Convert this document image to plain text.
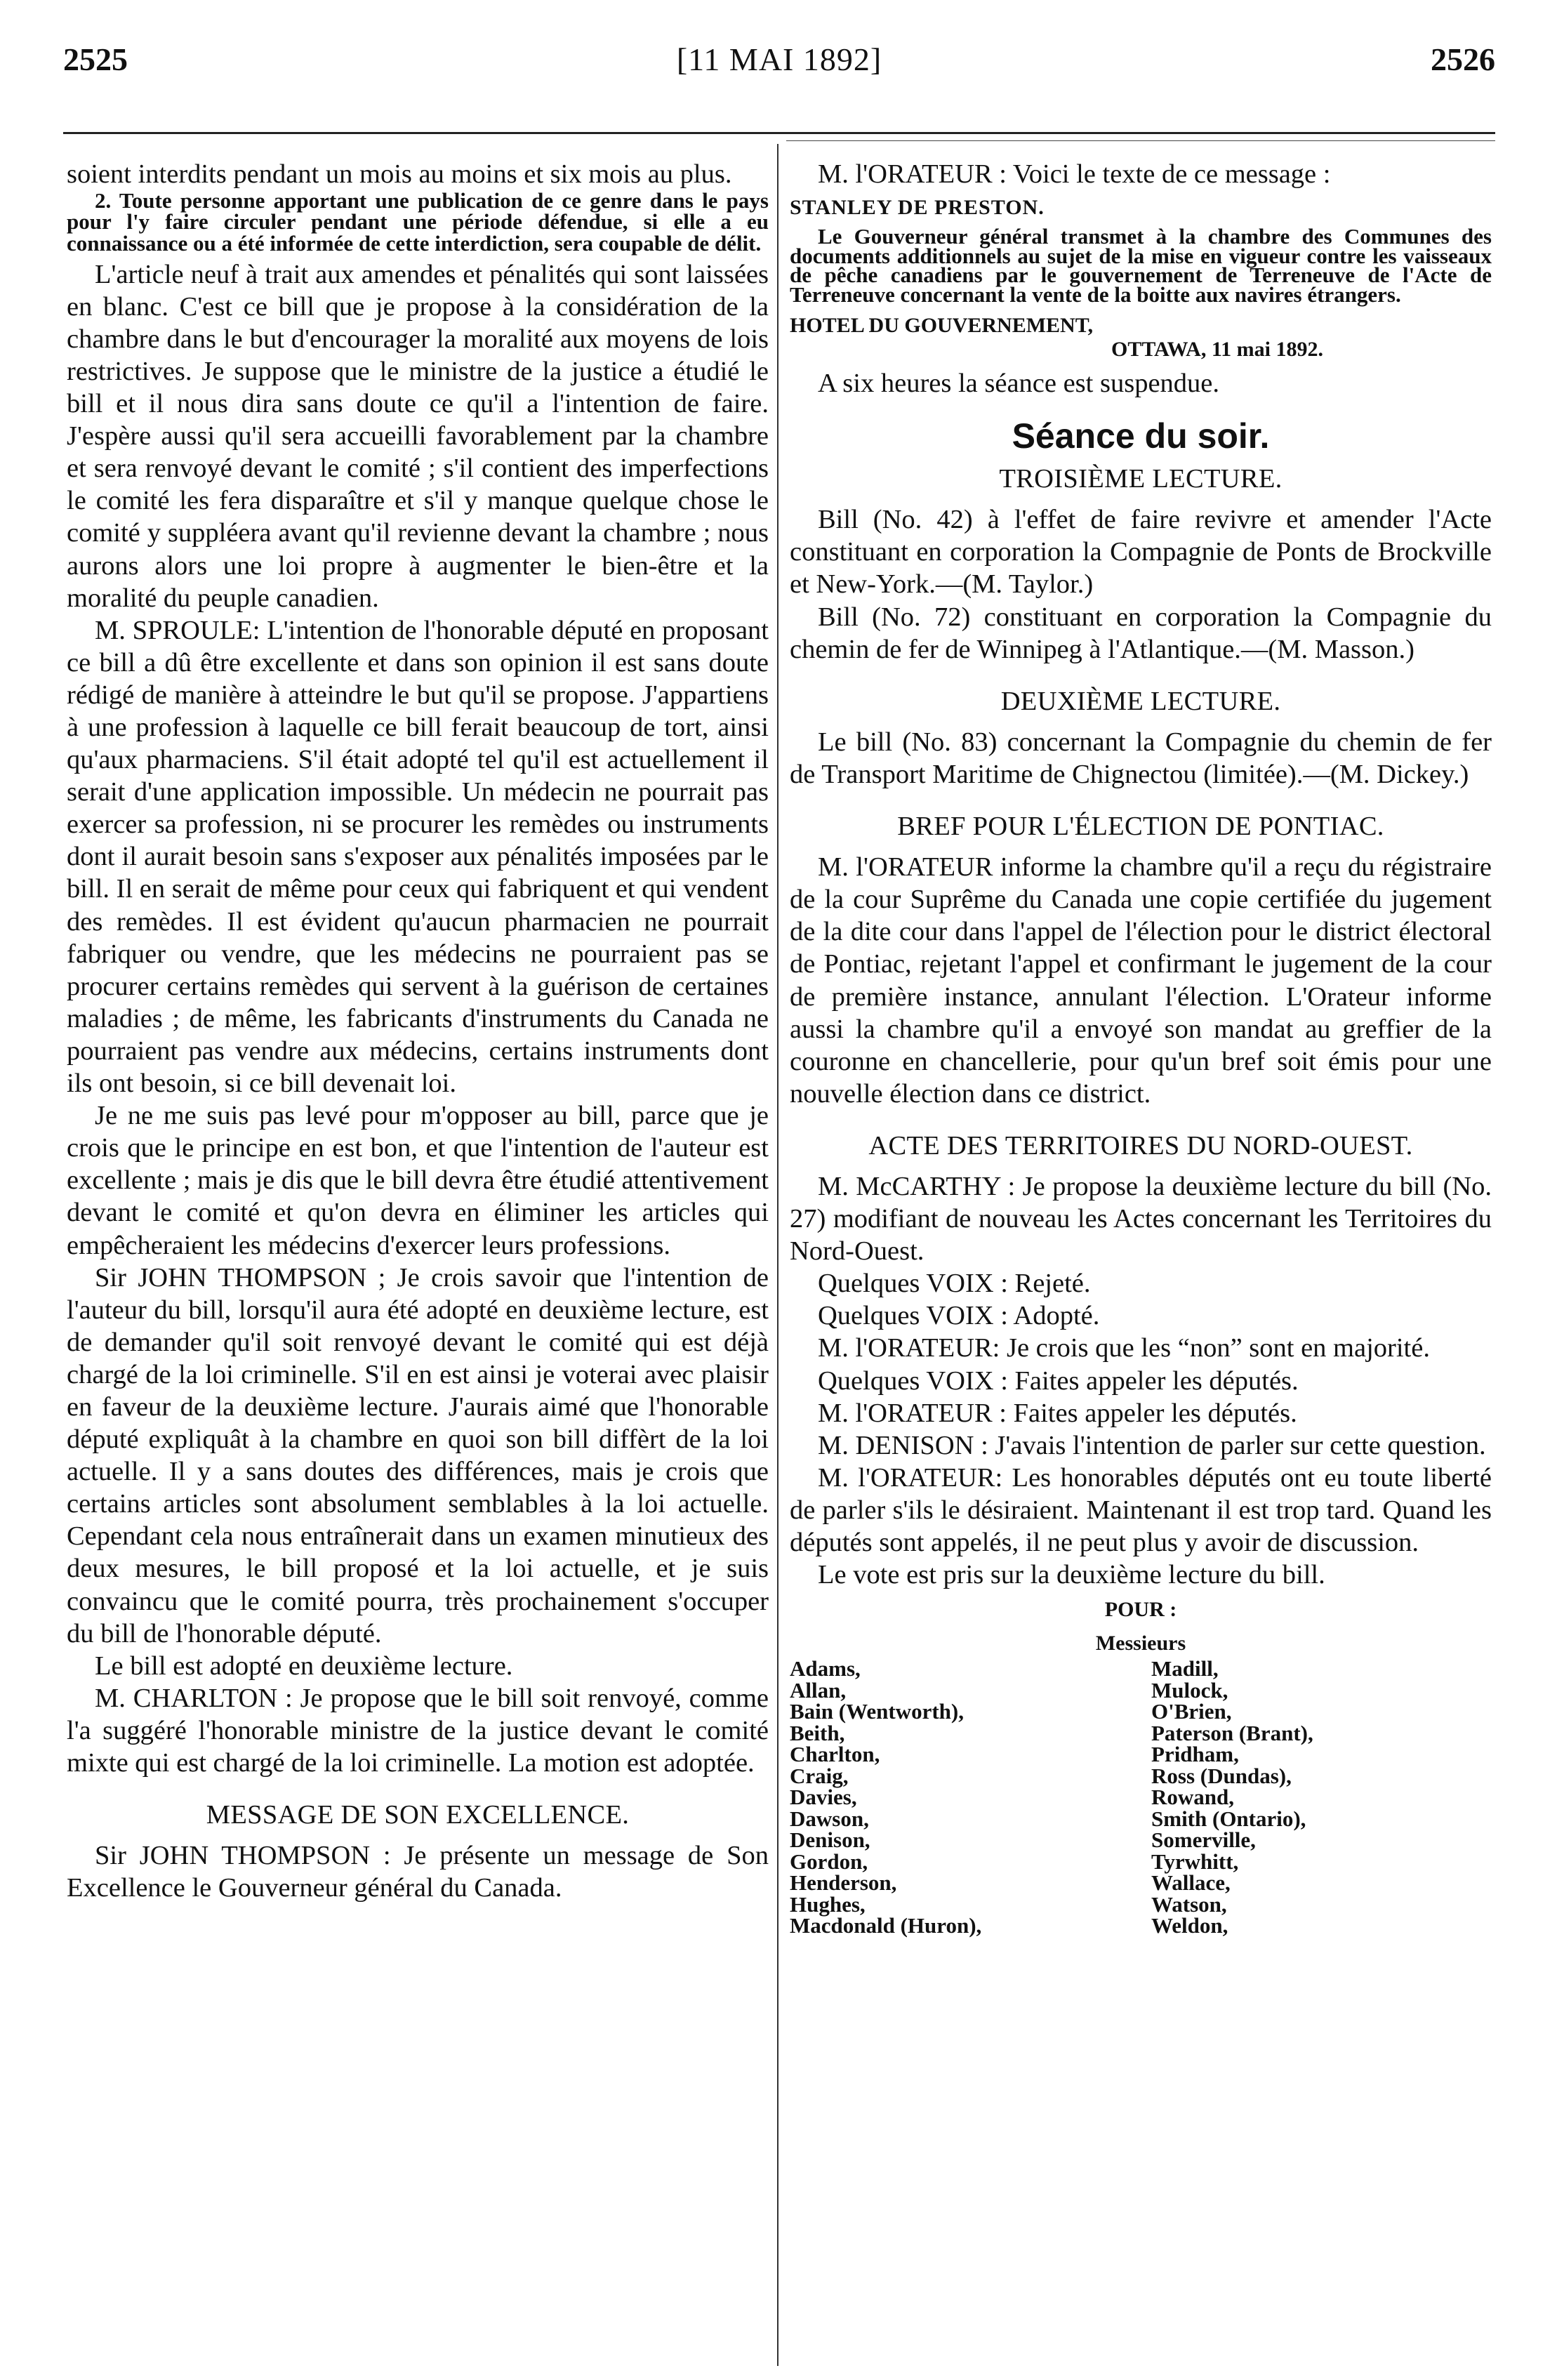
2525	[11 MAI 1892]	2526

soient interdits pendant un mois au moins et six mois au plus.

2. Toute personne apportant une publication de ce genre dans le pays pour l'y faire circuler pendant une période défendue, si elle a eu connaissance ou a été informée de cette interdiction, sera coupable de délit.

L'article neuf à trait aux amendes et pénalités qui sont laissées en blanc. C'est ce bill que je propose à la considération de la chambre dans le but d'encourager la moralité aux moyens de lois restrictives. Je suppose que le ministre de la justice a étudié le bill et il nous dira sans doute ce qu'il a l'intention de faire. J'espère aussi qu'il sera accueilli favorablement par la chambre et sera renvoyé devant le comité ; s'il contient des imperfections le comité les fera disparaître et s'il y manque quelque chose le comité y suppléera avant qu'il revienne devant la chambre ; nous aurons alors une loi propre à augmenter le bien-être et la moralité du peuple canadien.

M. SPROULE: L'intention de l'honorable député en proposant ce bill a dû être excellente et dans son opinion il est sans doute rédigé de manière à atteindre le but qu'il se propose. J'appartiens à une profession à laquelle ce bill ferait beaucoup de tort, ainsi qu'aux pharmaciens. S'il était adopté tel qu'il est actuellement il serait d'une application impossible. Un médecin ne pourrait pas exercer sa profession, ni se procurer les remèdes ou instruments dont il aurait besoin sans s'exposer aux pénalités imposées par le bill. Il en serait de même pour ceux qui fabriquent et qui vendent des remèdes. Il est évident qu'aucun pharmacien ne pourrait fabriquer ou vendre, que les médecins ne pourraient pas se procurer certains remèdes qui servent à la guérison de certaines maladies ; de même, les fabricants d'instruments du Canada ne pourraient pas vendre aux médecins, certains instruments dont ils ont besoin, si ce bill devenait loi.

Je ne me suis pas levé pour m'opposer au bill, parce que je crois que le principe en est bon, et que l'intention de l'auteur est excellente ; mais je dis que le bill devra être étudié attentivement devant le comité et qu'on devra en éliminer les articles qui empêcheraient les médecins d'exercer leurs professions.

Sir JOHN THOMPSON ; Je crois savoir que l'intention de l'auteur du bill, lorsqu'il aura été adopté en deuxième lecture, est de demander qu'il soit renvoyé devant le comité qui est déjà chargé de la loi criminelle. S'il en est ainsi je voterai avec plaisir en faveur de la deuxième lecture. J'aurais aimé que l'honorable député expliquât à la chambre en quoi son bill diffèrt de la loi actuelle. Il y a sans doutes des différences, mais je crois que certains articles sont absolument semblables à la loi actuelle. Cependant cela nous entraînerait dans un examen minutieux des deux mesures, le bill proposé et la loi actuelle, et je suis convaincu que le comité pourra, très prochainement s'occuper du bill de l'honorable député.

Le bill est adopté en deuxième lecture.

M. CHARLTON : Je propose que le bill soit renvoyé, comme l'a suggéré l'honorable ministre de la justice devant le comité mixte qui est chargé de la loi criminelle. La motion est adoptée.

MESSAGE DE SON EXCELLENCE.

Sir JOHN THOMPSON : Je présente un message de Son Excellence le Gouverneur général du Canada.

M. l'ORATEUR : Voici le texte de ce message :

STANLEY DE PRESTON.

Le Gouverneur général transmet à la chambre des Communes des documents additionnels au sujet de la mise en vigueur contre les vaisseaux de pêche canadiens par le gouvernement de Terreneuve de l'Acte de Terreneuve concernant la vente de la boitte aux navires étrangers.

HOTEL DU GOUVERNEMENT,
OTTAWA, 11 mai 1892.

A six heures la séance est suspendue.

Séance du soir.
TROISIÈME LECTURE.

Bill (No. 42) à l'effet de faire revivre et amender l'Acte constituant en corporation la Compagnie de Ponts de Brockville et New-York.—(M. Taylor.)

Bill (No. 72) constituant en corporation la Compagnie du chemin de fer de Winnipeg à l'Atlantique.—(M. Masson.)

DEUXIÈME LECTURE.

Le bill (No. 83) concernant la Compagnie du chemin de fer de Transport Maritime de Chignectou (limitée).—(M. Dickey.)

BREF POUR L'ÉLECTION DE PONTIAC.

M. l'ORATEUR informe la chambre qu'il a reçu du régistraire de la cour Suprême du Canada une copie certifiée du jugement de la dite cour dans l'appel de l'élection pour le district électoral de Pontiac, rejetant l'appel et confirmant le jugement de la cour de première instance, annulant l'élection. L'Orateur informe aussi la chambre qu'il a envoyé son mandat au greffier de la couronne en chancellerie, pour qu'un bref soit émis pour une nouvelle élection dans ce district.

ACTE DES TERRITOIRES DU NORD-OUEST.

M. McCARTHY : Je propose la deuxième lecture du bill (No. 27) modifiant de nouveau les Actes concernant les Territoires du Nord-Ouest.

Quelques VOIX : Rejeté.

Quelques VOIX : Adopté.

M. l'ORATEUR: Je crois que les “non” sont en majorité.

Quelques VOIX : Faites appeler les députés.

M. l'ORATEUR : Faites appeler les députés.

M. DENISON : J'avais l'intention de parler sur cette question.

M. l'ORATEUR: Les honorables députés ont eu toute liberté de parler s'ils le désiraient. Maintenant il est trop tard. Quand les députés sont appelés, il ne peut plus y avoir de discussion.

Le vote est pris sur la deuxième lecture du bill.

POUR :
Messieurs
Adams,
Allan,
Bain (Wentworth),
Beith,
Charlton,
Craig,
Davies,
Dawson,
Denison,
Gordon,
Henderson,
Hughes,
Macdonald (Huron),
Madill,
Mulock,
O'Brien,
Paterson (Brant),
Pridham,
Ross (Dundas),
Rowand,
Smith (Ontario),
Somerville,
Tyrwhitt,
Wallace,
Watson,
Weldon,
